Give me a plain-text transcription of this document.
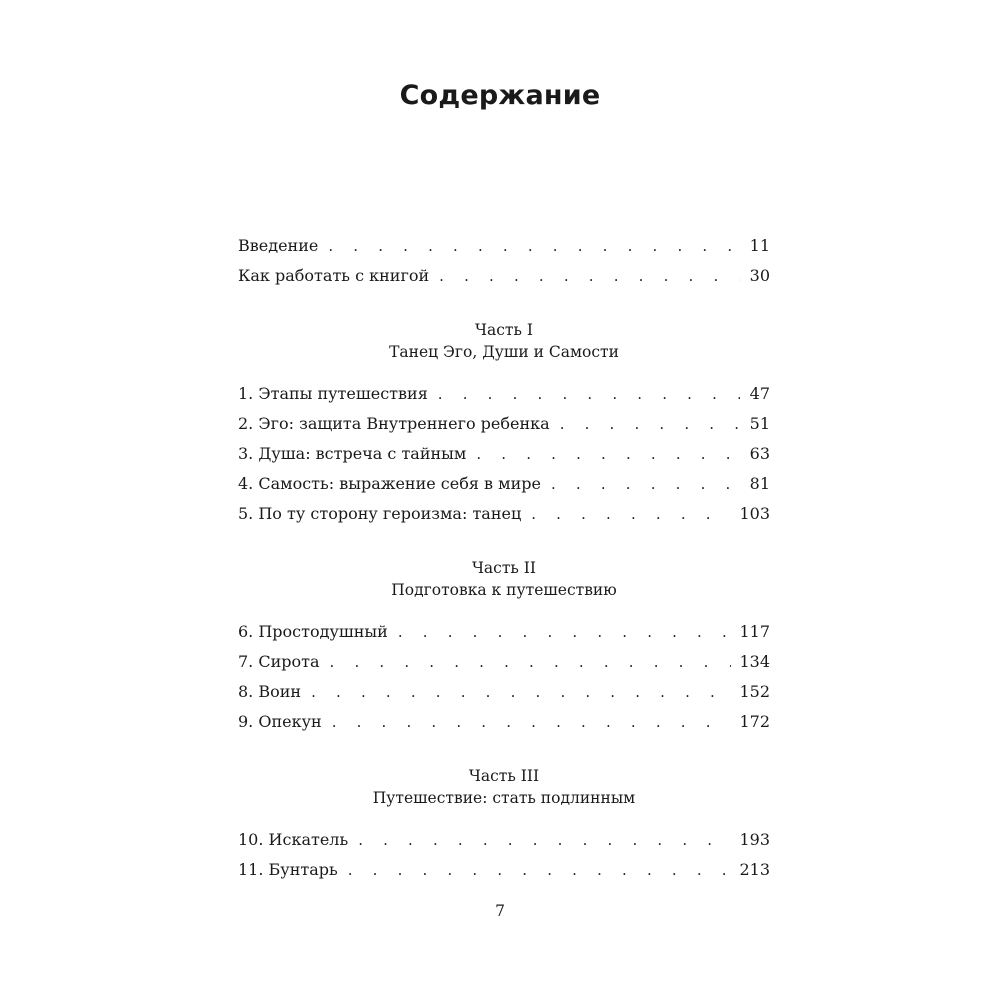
Содержание
Введение . . .	11
Как работать с книгой . . .	30
Часть I
Танец Эго, Души и Самости
1. Этапы путешествия . . .	47
2. Эго: защита Внутреннего ребенка . . .	51
3. Душа: встреча с тайным . . .	63
4. Самость: выражение себя в мире . . .	81
5. По ту сторону героизма: танец . . .	103
Часть II
Подготовка к путешествию
6. Простодушный . . .	117
7. Сирота . . .	134
8. Воин . . .	152
9. Опекун . . .	172
Часть III
Путешествие: стать подлинным
10. Искатель . . .	193
11. Бунтарь . . .	213
7
